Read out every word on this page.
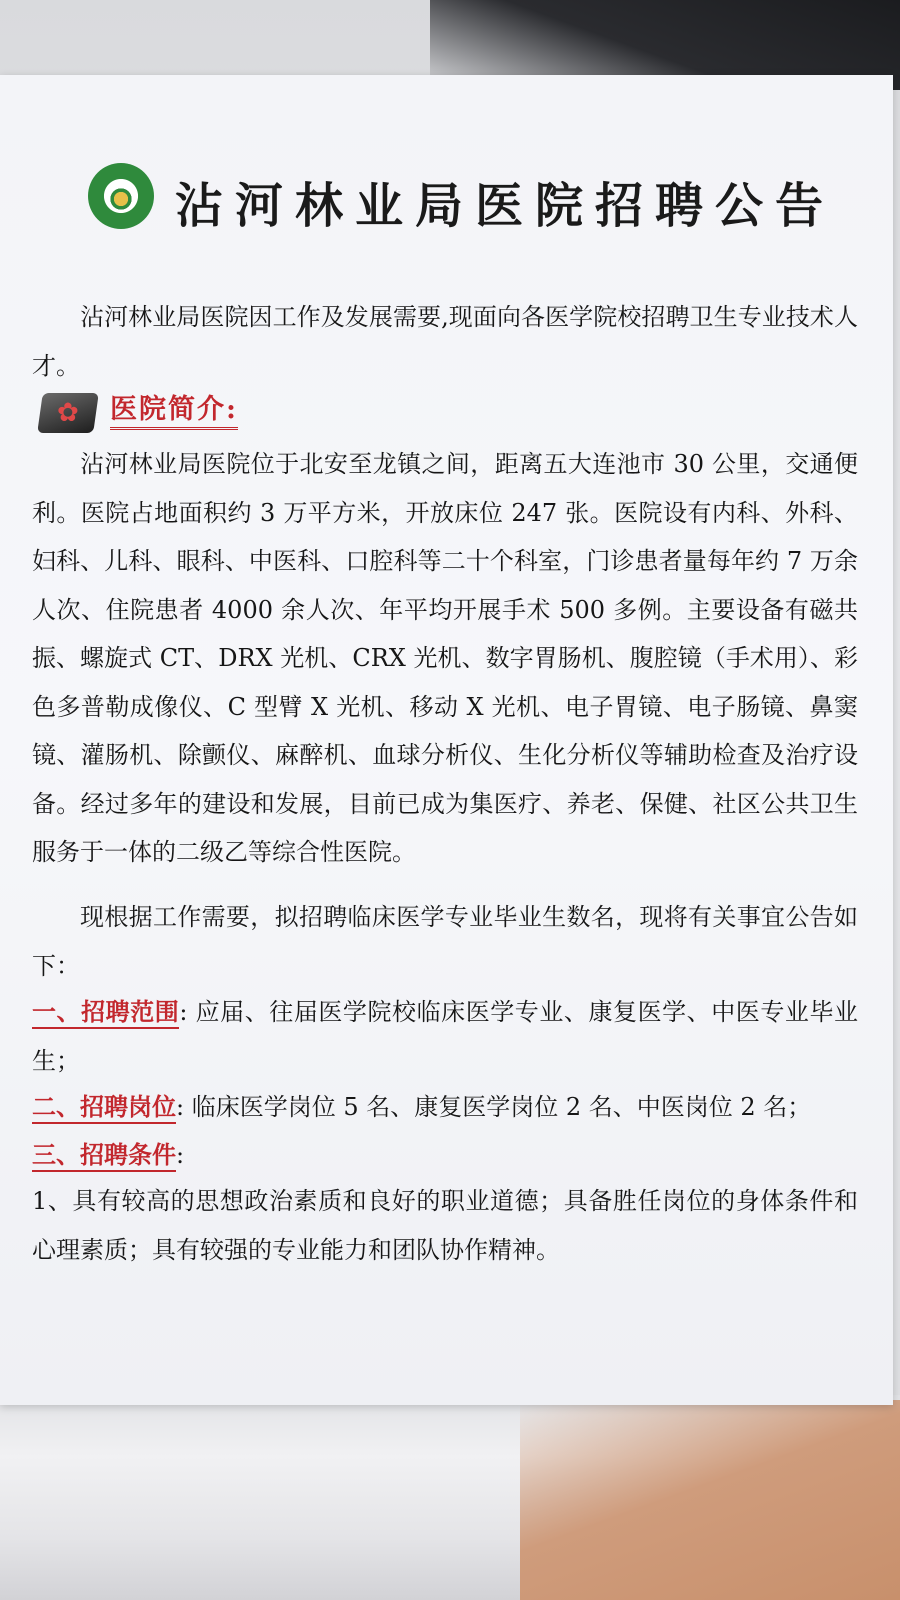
沾河林业局医院招聘公告

沾河林业局医院因工作及发展需要,现面向各医学院校招聘卫生专业技术人才。

✿ 医院简介:

沾河林业局医院位于北安至龙镇之间，距离五大连池市 30 公里，交通便利。医院占地面积约 3 万平方米，开放床位 247 张。医院设有内科、外科、妇科、儿科、眼科、中医科、口腔科等二十个科室，门诊患者量每年约 7 万余人次、住院患者 4000 余人次、年平均开展手术 500 多例。主要设备有磁共振、螺旋式 CT、DRX 光机、CRX 光机、数字胃肠机、腹腔镜（手术用）、彩色多普勒成像仪、C 型臂 X 光机、移动 X 光机、电子胃镜、电子肠镜、鼻窦镜、灌肠机、除颤仪、麻醉机、血球分析仪、生化分析仪等辅助检查及治疗设备。经过多年的建设和发展，目前已成为集医疗、养老、保健、社区公共卫生服务于一体的二级乙等综合性医院。

现根据工作需要，拟招聘临床医学专业毕业生数名，现将有关事宜公告如下：

一、招聘范围: 应届、往届医学院校临床医学专业、康复医学、中医专业毕业生；

二、招聘岗位: 临床医学岗位 5 名、康复医学岗位 2 名、中医岗位 2 名；

三、招聘条件:

1、具有较高的思想政治素质和良好的职业道德；具备胜任岗位的身体条件和心理素质；具有较强的专业能力和团队协作精神。
